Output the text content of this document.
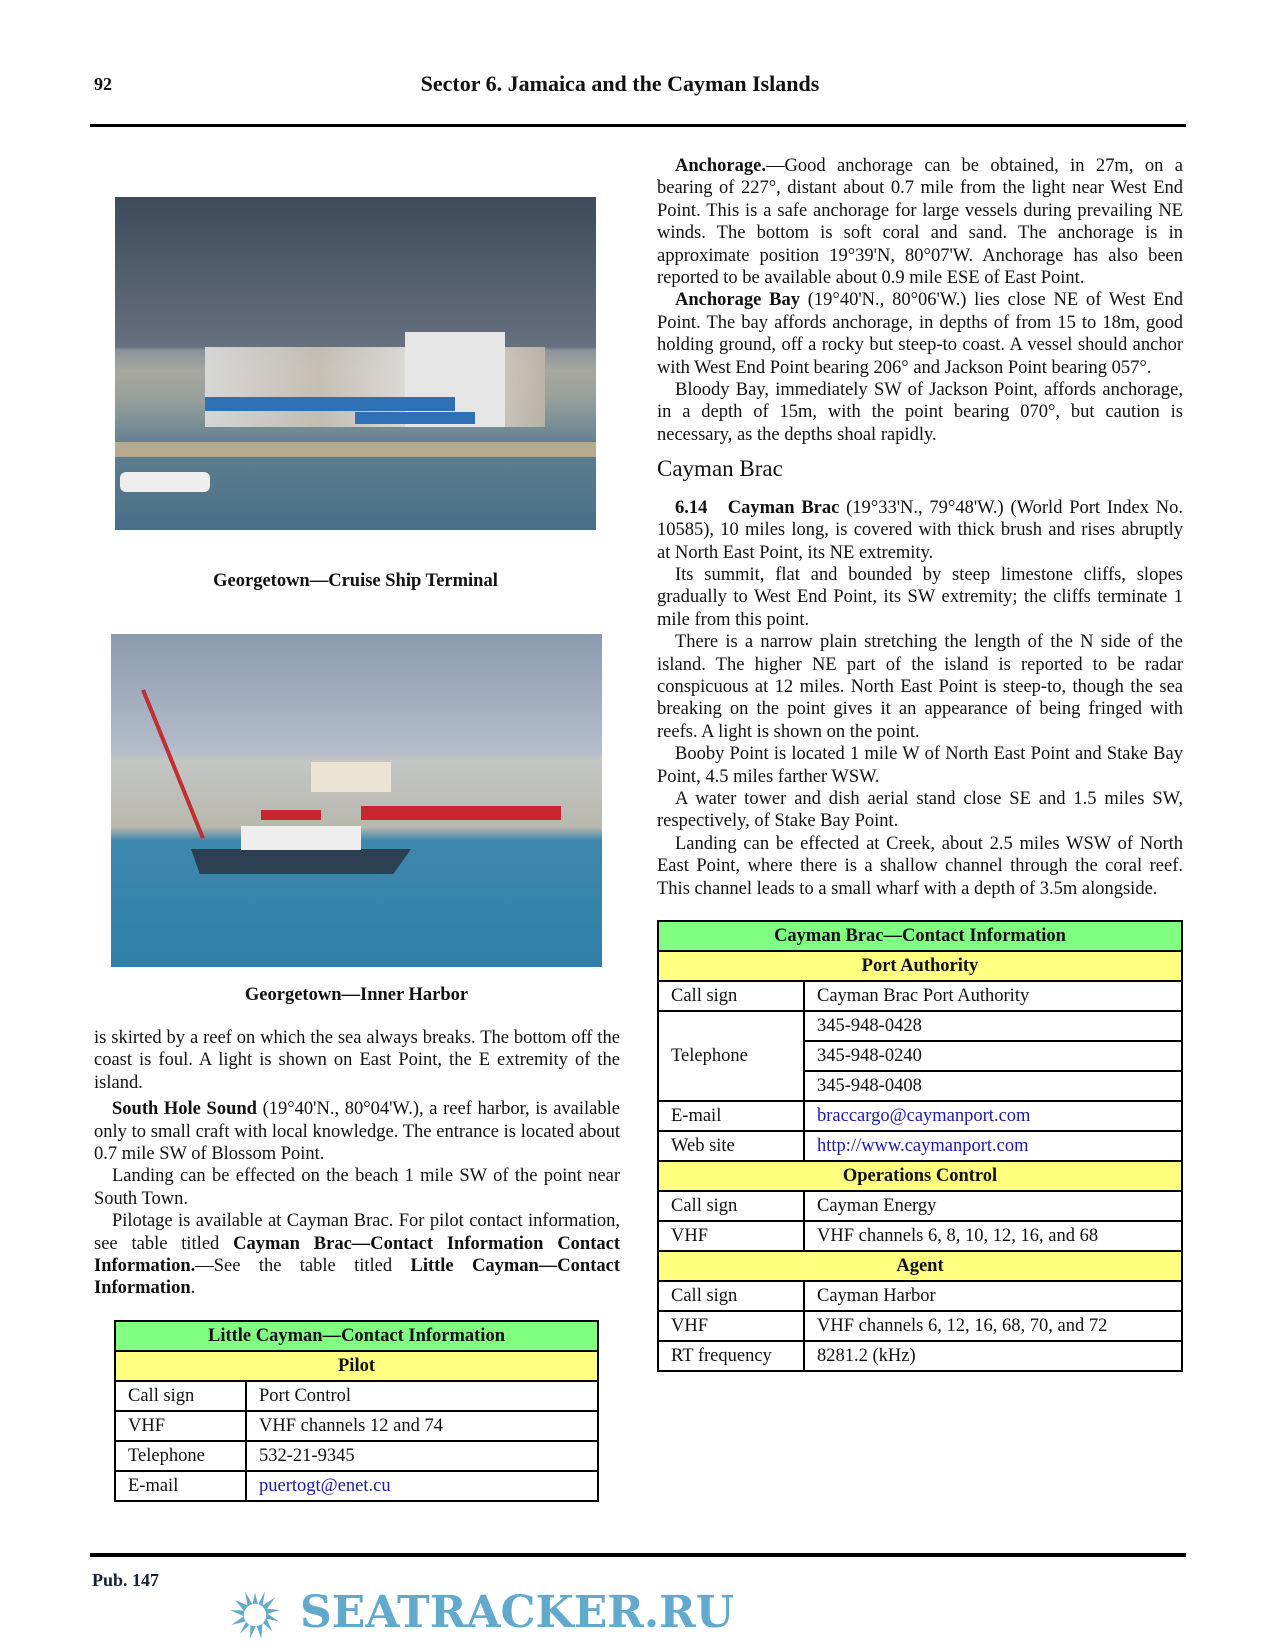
92	Sector 6. Jamaica and the Cayman Islands
Georgetown—Cruise Ship Terminal
Georgetown—Inner Harbor

is skirted by a reef on which the sea always breaks. The bottom off the coast is foul. A light is shown on East Point, the E extremity of the island.

South Hole Sound (19°40'N., 80°04'W.), a reef harbor, is available only to small craft with local knowledge. The entrance is located about 0.7 mile SW of Blossom Point.

Landing can be effected on the beach 1 mile SW of the point near South Town.

Pilotage is available at Cayman Brac. For pilot contact information, see table titled Cayman Brac—Contact Information Contact Information.—See the table titled Little Cayman—Contact Information.

Little Cayman—Contact Information	
Pilot	
Call sign	Port Control
VHF	VHF channels 12 and 74
Telephone	532-21-9345
E-mail	puertogt@enet.cu

Anchorage.—Good anchorage can be obtained, in 27m, on a bearing of 227°, distant about 0.7 mile from the light near West End Point. This is a safe anchorage for large vessels during prevailing NE winds. The bottom is soft coral and sand. The anchorage is in approximate position 19°39'N, 80°07'W. Anchorage has also been reported to be available about 0.9 mile ESE of East Point.

Anchorage Bay (19°40'N., 80°06'W.) lies close NE of West End Point. The bay affords anchorage, in depths of from 15 to 18m, good holding ground, off a rocky but steep-to coast. A vessel should anchor with West End Point bearing 206° and Jackson Point bearing 057°.

Bloody Bay, immediately SW of Jackson Point, affords anchorage, in a depth of 15m, with the point bearing 070°, but caution is necessary, as the depths shoal rapidly.

Cayman Brac

6.14 Cayman Brac (19°33'N., 79°48'W.) (World Port Index No. 10585), 10 miles long, is covered with thick brush and rises abruptly at North East Point, its NE extremity.

Its summit, flat and bounded by steep limestone cliffs, slopes gradually to West End Point, its SW extremity; the cliffs terminate 1 mile from this point.

There is a narrow plain stretching the length of the N side of the island. The higher NE part of the island is reported to be radar conspicuous at 12 miles. North East Point is steep-to, though the sea breaking on the point gives it an appearance of being fringed with reefs. A light is shown on the point.

Booby Point is located 1 mile W of North East Point and Stake Bay Point, 4.5 miles farther WSW.

A water tower and dish aerial stand close SE and 1.5 miles SW, respectively, of Stake Bay Point.

Landing can be effected at Creek, about 2.5 miles WSW of North East Point, where there is a shallow channel through the coral reef. This channel leads to a small wharf with a depth of 3.5m alongside.

Cayman Brac—Contact Information	
Port Authority	
Call sign	Cayman Brac Port Authority
Telephone	345-948-0428
	345-948-0240
	345-948-0408
E-mail	braccargo@caymanport.com
Web site	http://www.caymanport.com
Operations Control	
Call sign	Cayman Energy
VHF	VHF channels 6, 8, 10, 12, 16, and 68
Agent	
Call sign	Cayman Harbor
VHF	VHF channels 6, 12, 16, 68, 70, and 72
RT frequency	8281.2 (kHz)
Pub. 147
SEATRACKER.RU
